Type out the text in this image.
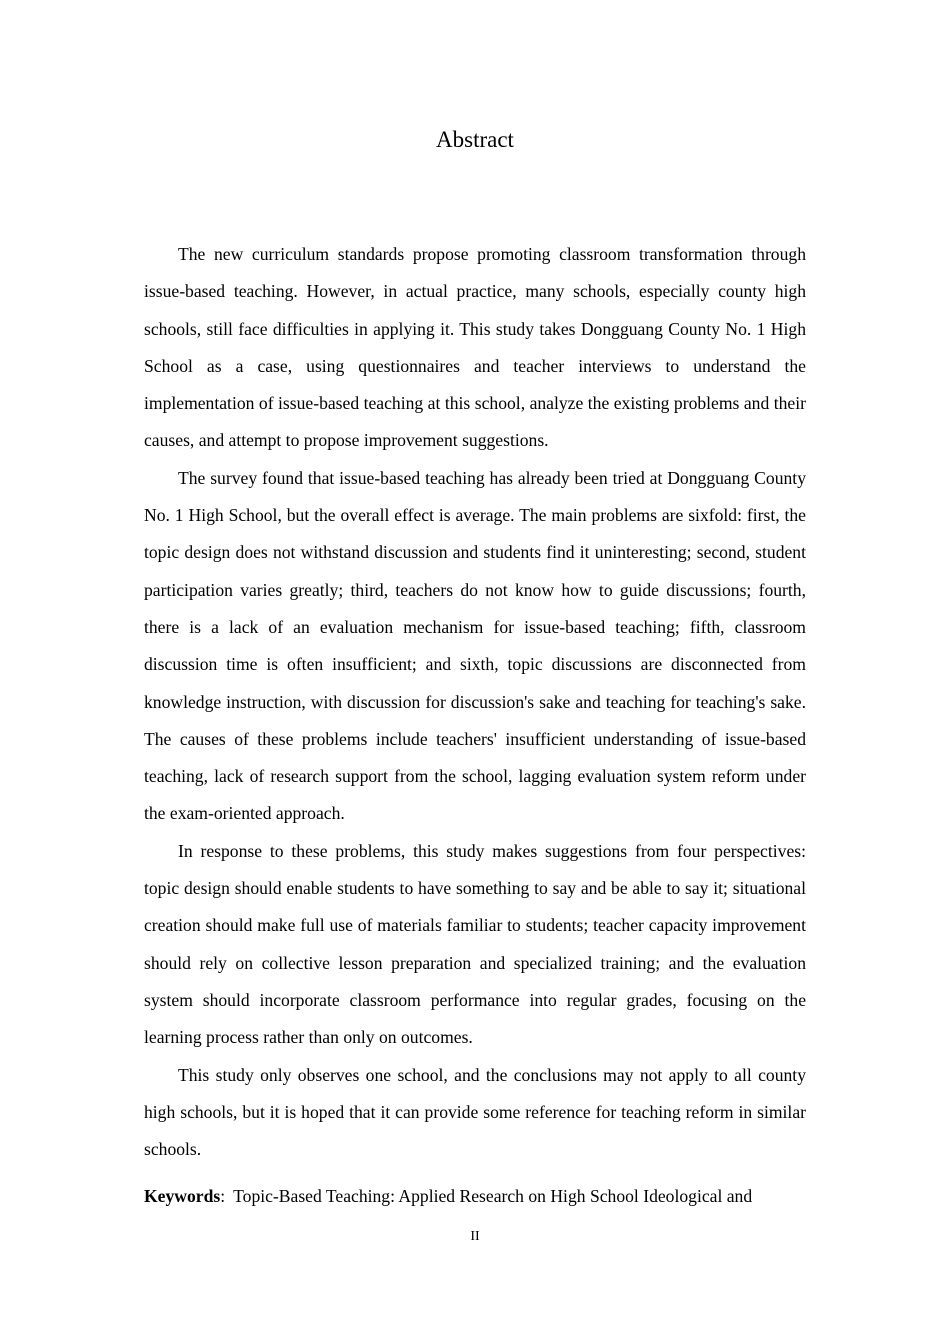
Abstract

The new curriculum standards propose promoting classroom transformation through issue-based teaching. However, in actual practice, many schools, especially county high schools, still face difficulties in applying it. This study takes Dongguang County No. 1 High School as a case, using questionnaires and teacher interviews to understand the implementation of issue-based teaching at this school, analyze the existing problems and their causes, and attempt to propose improvement suggestions.

The survey found that issue-based teaching has already been tried at Dongguang County No. 1 High School, but the overall effect is average. The main problems are sixfold: first, the topic design does not withstand discussion and students find it uninteresting; second, student participation varies greatly; third, teachers do not know how to guide discussions; fourth, there is a lack of an evaluation mechanism for issue-based teaching; fifth, classroom discussion time is often insufficient; and sixth, topic discussions are disconnected from knowledge instruction, with discussion for discussion's sake and teaching for teaching's sake. The causes of these problems include teachers' insufficient understanding of issue-based teaching, lack of research support from the school, lagging evaluation system reform under the exam-oriented approach.

In response to these problems, this study makes suggestions from four perspectives: topic design should enable students to have something to say and be able to say it; situational creation should make full use of materials familiar to students; teacher capacity improvement should rely on collective lesson preparation and specialized training; and the evaluation system should incorporate classroom performance into regular grades, focusing on the learning process rather than only on outcomes.

This study only observes one school, and the conclusions may not apply to all county high schools, but it is hoped that it can provide some reference for teaching reform in similar schools.

Keywords: Topic-Based Teaching: Applied Research on High School Ideological and
II
